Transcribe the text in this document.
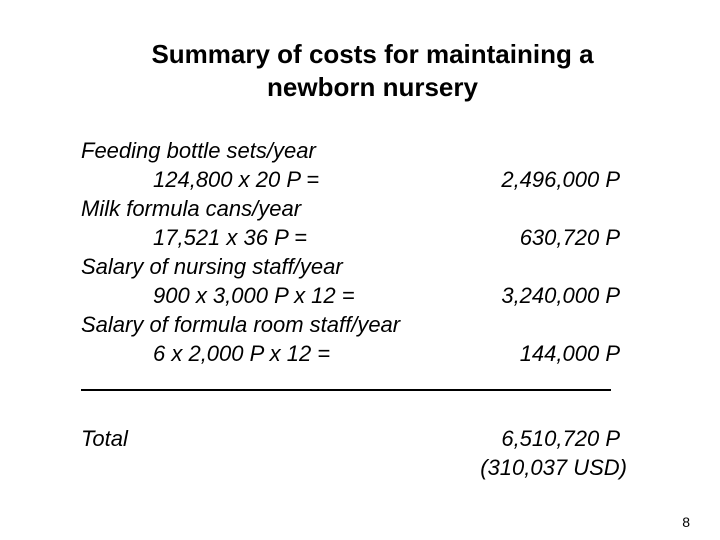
Summary of costs for maintaining a
newborn nursery
Feeding bottle sets/year
124,800 x 20 P =	2,496,000 P
Milk formula cans/year
17,521 x 36 P =	630,720 P
Salary of nursing staff/year
900 x 3,000 P x 12 =	3,240,000 P
Salary of formula room staff/year
6 x 2,000 P x 12 =	144,000 P
Total	6,510,720 P
(310,037 USD)
8
